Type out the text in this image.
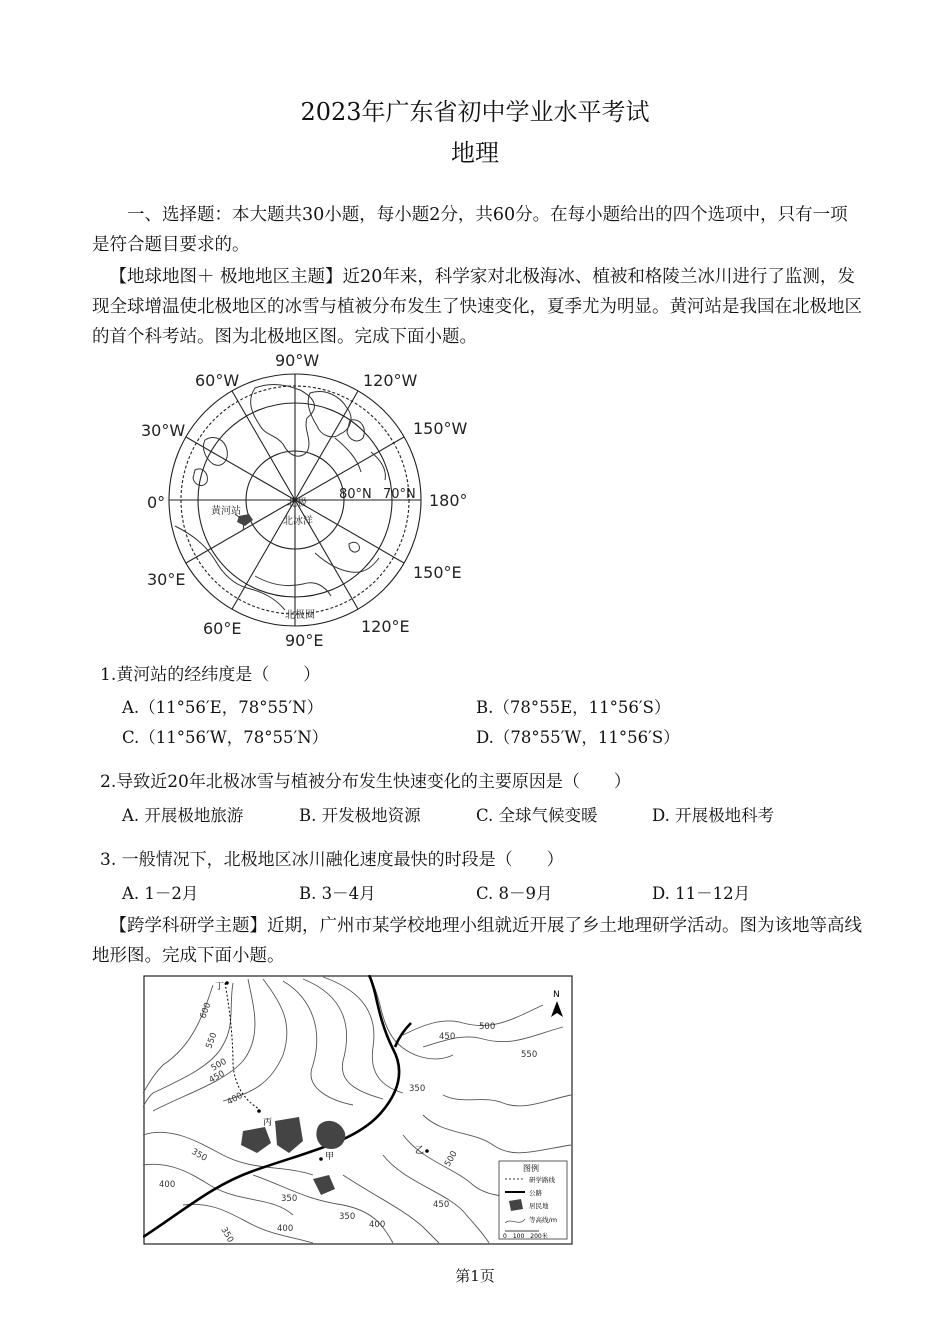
2023年广东省初中学业水平考试
地理
一、选择题：本大题共30小题，每小题2分，共60分。在每小题给出的四个选项中，只有一项是符合题目要求的。
【地球地图＋ 极地地区主题】近20年来，科学家对北极海冰、植被和格陵兰冰川进行了监测，发现全球增温使北极地区的冰雪与植被分布发生了快速变化，夏季尤为明显。黄河站是我国在北极地区的首个科考站。图为北极地区图。完成下面小题。
90°W
120°W
60°W
150°W
30°W
0°	180°
30°E	150°E
60°E	120°E
90°E
80°N 70°N
北极
北冰洋
黄河站
北极圈
1.黄河站的经纬度是（　　）
A.（11°56′E，78°55′N）	B.（78°55E，11°56′S）
C.（11°56′W，78°55′N）	D.（78°55′W，11°56′S）
2.导致近20年北极冰雪与植被分布发生快速变化的主要原因是（　　）
A. 开展极地旅游	B. 开发极地资源	C. 全球气候变暖	D. 开展极地科考
3. 一般情况下，北极地区冰川融化速度最快的时段是（　　）
A. 1－2月	B. 3－4月	C. 8－9月	D. 11－12月
【跨学科研学主题】近期，广州市某学校地理小组就近开展了乡土地理研学活动。图为该地等高线地形图。完成下面小题。
600
550
500
450
400
450
500
550
350
350
400
350
400
350
500
450
400
350
丁
丙
甲
乙
N
图例
研学路线
公路
居民地
等高线/m
0　100　200米
第1页
